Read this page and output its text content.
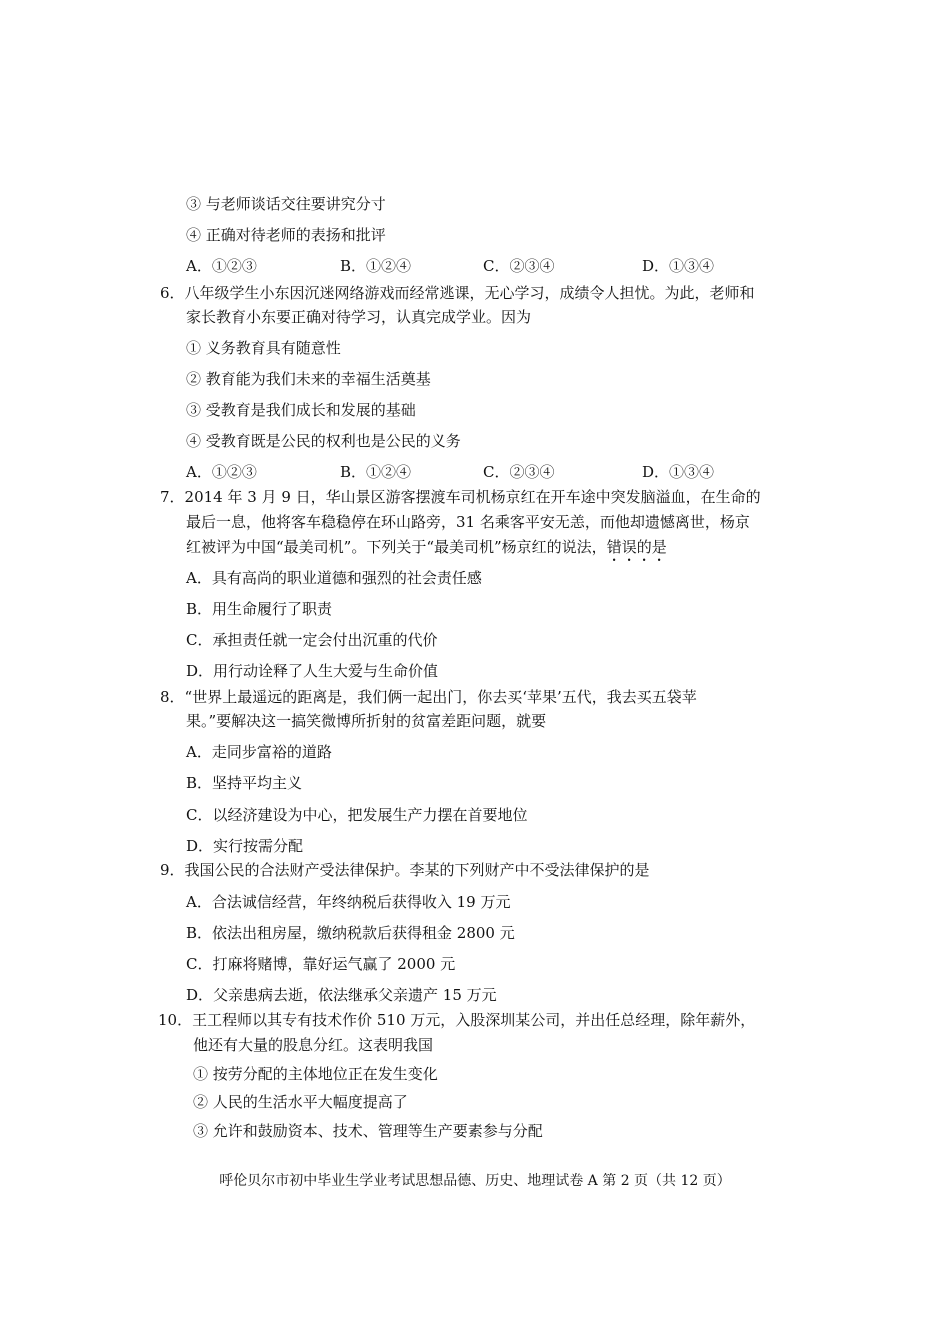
③ 与老师谈话交往要讲究分寸
④ 正确对待老师的表扬和批评
A．①②③	B．①②④	C．②③④	D．①③④
6．八年级学生小东因沉迷网络游戏而经常逃课，无心学习，成绩令人担忧。为此，老师和
家长教育小东要正确对待学习，认真完成学业。因为
① 义务教育具有随意性
② 教育能为我们未来的幸福生活奠基
③ 受教育是我们成长和发展的基础
④ 受教育既是公民的权利也是公民的义务
A．①②③	B．①②④	C．②③④	D．①③④
7．2014 年 3 月 9 日，华山景区游客摆渡车司机杨京红在开车途中突发脑溢血，在生命的
最后一息，他将客车稳稳停在环山路旁，31 名乘客平安无恙，而他却遗憾离世，杨京
红被评为中国“最美司机”。下列关于“最美司机”杨京红的说法，错误的是
A．具有高尚的职业道德和强烈的社会责任感
B．用生命履行了职责
C．承担责任就一定会付出沉重的代价
D．用行动诠释了人生大爱与生命价值
8．“世界上最遥远的距离是，我们俩一起出门，你去买‘苹果’五代，我去买五袋苹
果。”要解决这一搞笑微博所折射的贫富差距问题，就要
A．走同步富裕的道路
B．坚持平均主义
C．以经济建设为中心，把发展生产力摆在首要地位
D．实行按需分配
9．我国公民的合法财产受法律保护。李某的下列财产中不受法律保护的是
A．合法诚信经营，年终纳税后获得收入 19 万元
B．依法出租房屋，缴纳税款后获得租金 2800 元
C．打麻将赌博，靠好运气赢了 2000 元
D．父亲患病去逝，依法继承父亲遗产 15 万元
10．王工程师以其专有技术作价 510 万元，入股深圳某公司，并出任总经理，除年薪外，
他还有大量的股息分红。这表明我国
① 按劳分配的主体地位正在发生变化
② 人民的生活水平大幅度提高了
③ 允许和鼓励资本、技术、管理等生产要素参与分配
呼伦贝尔市初中毕业生学业考试思想品德、历史、地理试卷 A 第 2 页（共 12 页）
